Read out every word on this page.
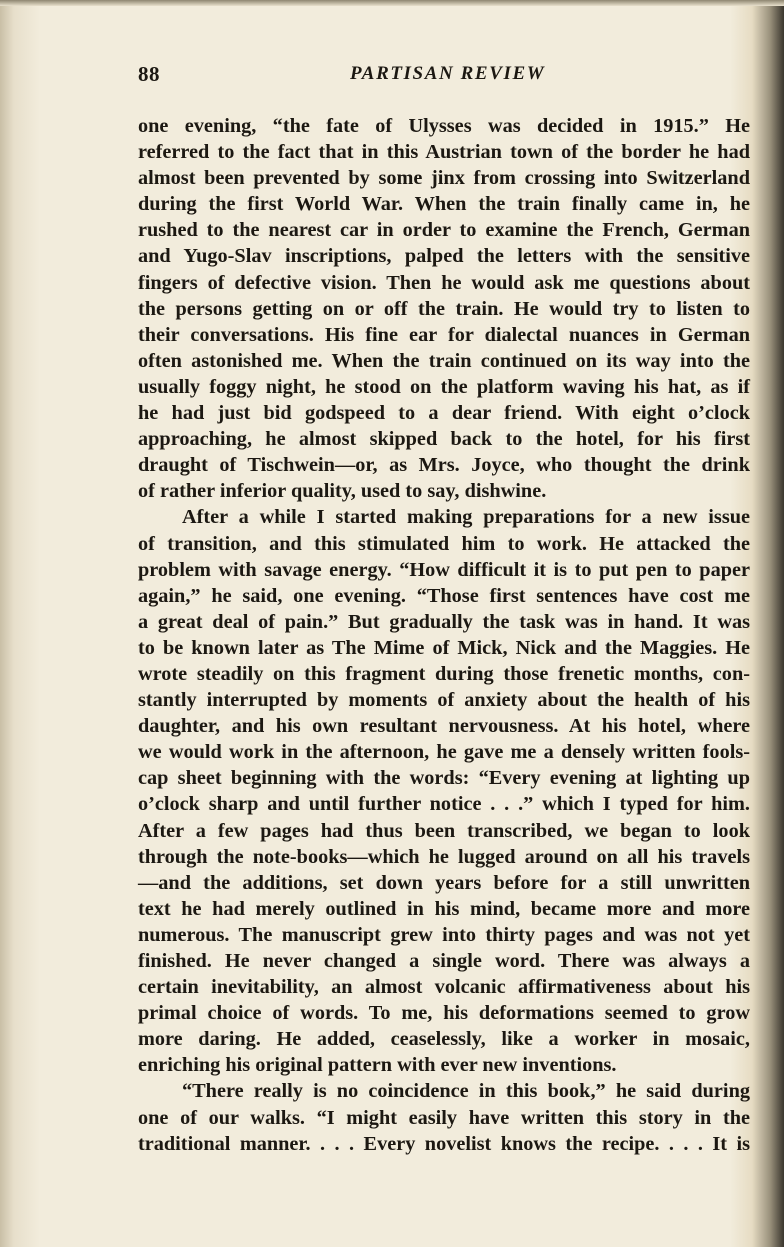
88	PARTISAN REVIEW

one evening, “the fate of Ulysses was decided in 1915.” He
referred to the fact that in this Austrian town of the border he had
almost been prevented by some jinx from crossing into Switzerland
during the first World War. When the train finally came in, he
rushed to the nearest car in order to examine the French, German
and Yugo-Slav inscriptions, palped the letters with the sensitive
fingers of defective vision. Then he would ask me questions about
the persons getting on or off the train. He would try to listen to
their conversations. His fine ear for dialectal nuances in German
often astonished me. When the train continued on its way into the
usually foggy night, he stood on the platform waving his hat, as if
he had just bid godspeed to a dear friend. With eight o’clock
approaching, he almost skipped back to the hotel, for his first
draught of Tischwein—or, as Mrs. Joyce, who thought the drink
of rather inferior quality, used to say, dishwine.

After a while I started making preparations for a new issue
of transition, and this stimulated him to work. He attacked the
problem with savage energy. “How difficult it is to put pen to paper
again,” he said, one evening. “Those first sentences have cost me
a great deal of pain.” But gradually the task was in hand. It was
to be known later as The Mime of Mick, Nick and the Maggies. He
wrote steadily on this fragment during those frenetic months, con-
stantly interrupted by moments of anxiety about the health of his
daughter, and his own resultant nervousness. At his hotel, where
we would work in the afternoon, he gave me a densely written fools-
cap sheet beginning with the words: “Every evening at lighting up
o’clock sharp and until further notice . . .” which I typed for him.
After a few pages had thus been transcribed, we began to look
through the note-books—which he lugged around on all his travels
—and the additions, set down years before for a still unwritten
text he had merely outlined in his mind, became more and more
numerous. The manuscript grew into thirty pages and was not yet
finished. He never changed a single word. There was always a
certain inevitability, an almost volcanic affirmativeness about his
primal choice of words. To me, his deformations seemed to grow
more daring. He added, ceaselessly, like a worker in mosaic,
enriching his original pattern with ever new inventions.

“There really is no coincidence in this book,” he said during
one of our walks. “I might easily have written this story in the
traditional manner. . . . Every novelist knows the recipe. . . . It is
